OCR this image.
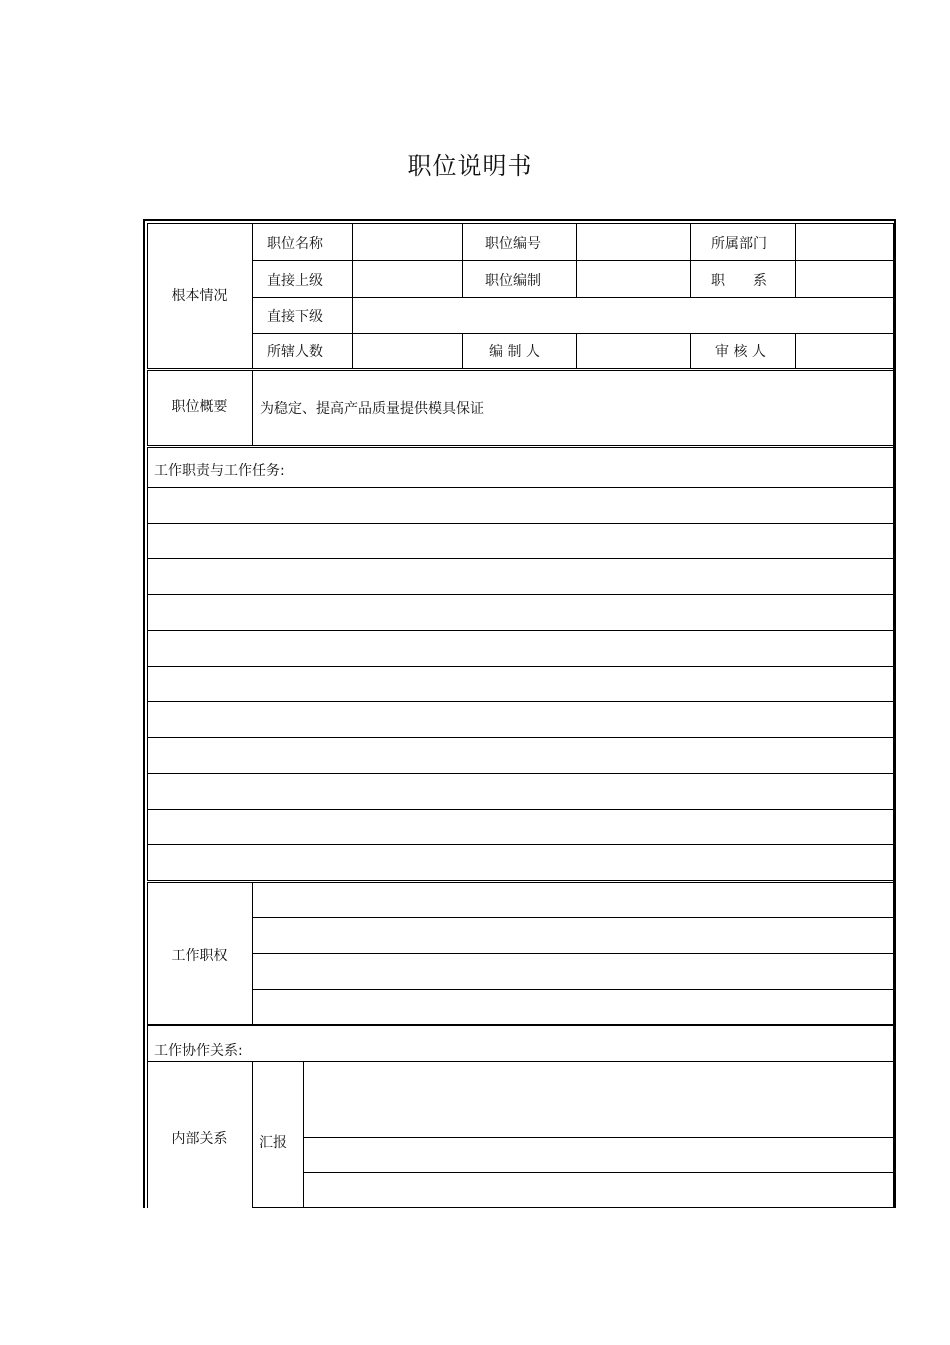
职位说明书
根本情况
职位名称	职位编号	所属部门
直接上级	职位编制	职　　系
直接下级
所辖人数	编 制 人	审 核 人
职位概要	为稳定、提高产品质量提供模具保证
工作职责与工作任务:
工作职权
工作协作关系:
内部关系	汇报
